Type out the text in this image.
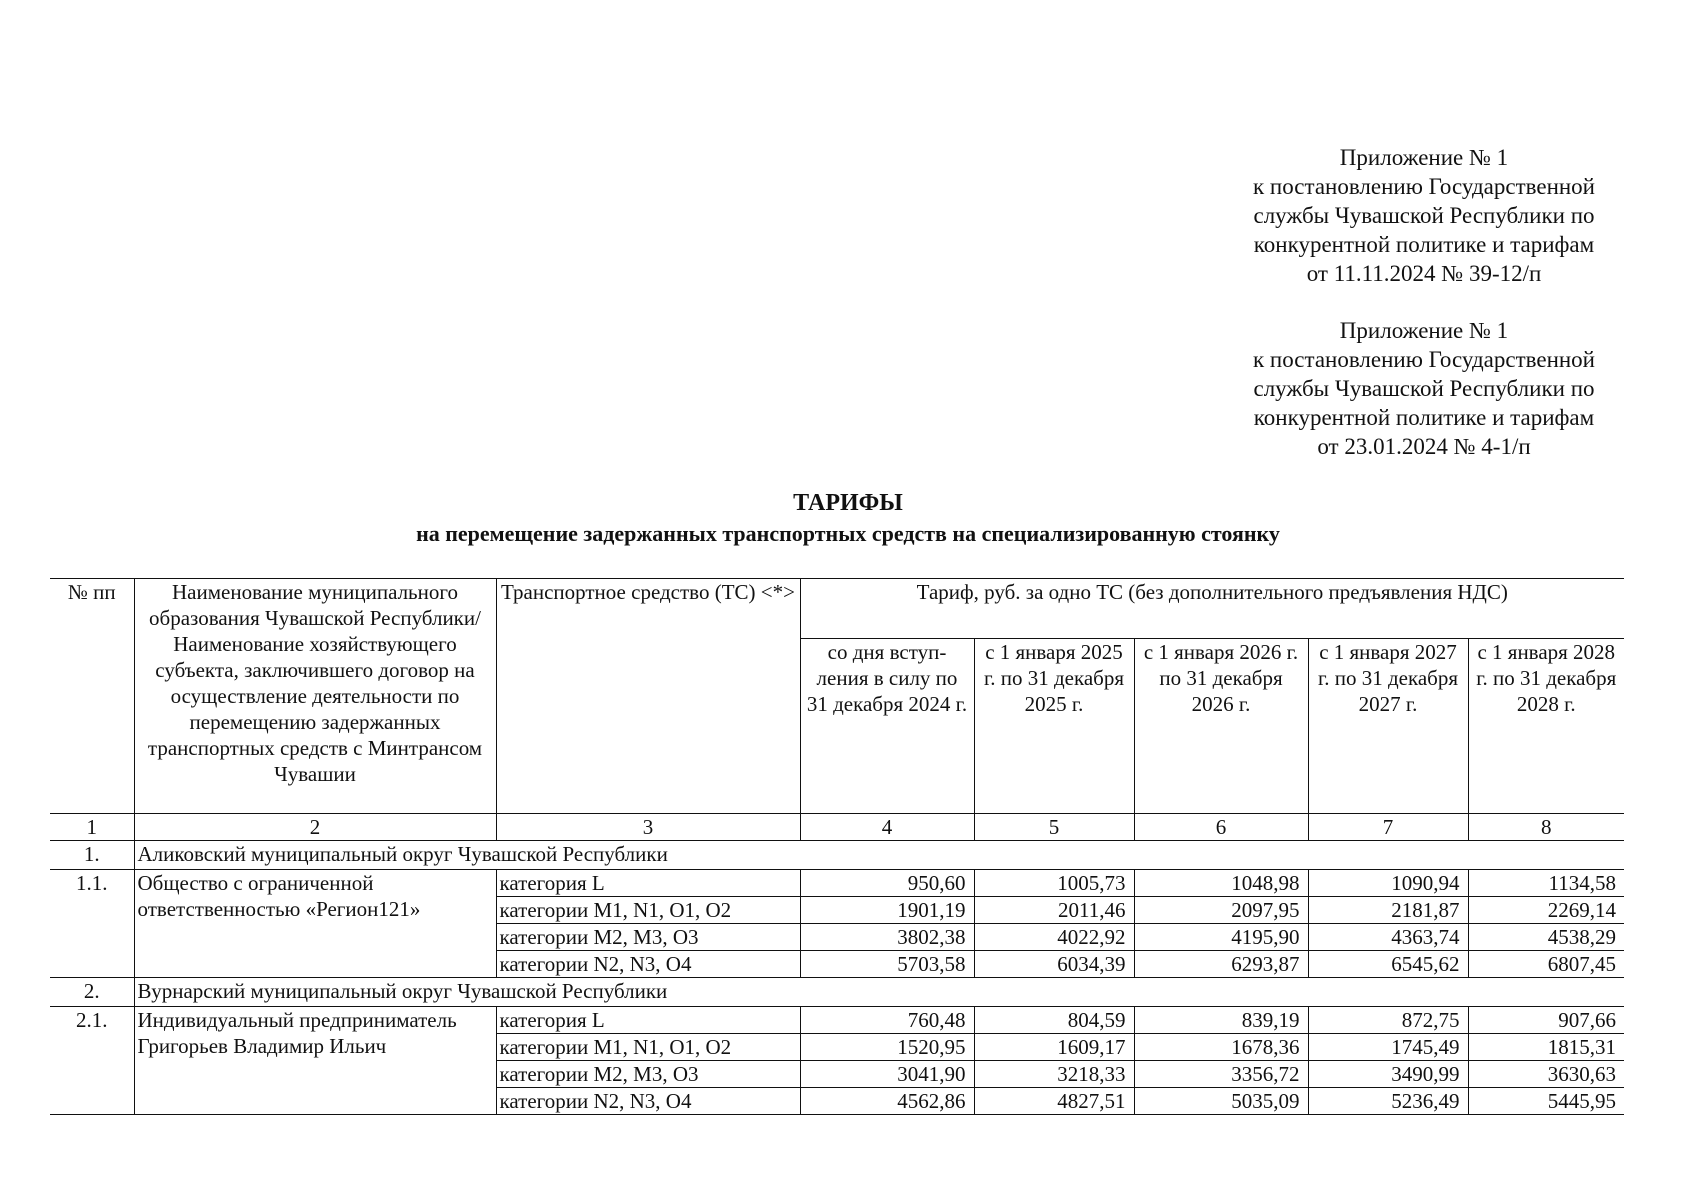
Приложение № 1
к постановлению Государственной
службы Чувашской Республики по
конкурентной политике и тарифам
от 11.11.2024 № 39-12/п
Приложение № 1
к постановлению Государственной
службы Чувашской Республики по
конкурентной политике и тарифам
от 23.01.2024 № 4-1/п
ТАРИФЫ
на перемещение задержанных транспортных средств на специализированную стоянку
№ пп	Наименование муниципального образования Чувашской Республики/ Наименование хозяйствующего субъекта, заключившего договор на осуществление деятельности по перемещению задержанных транспортных средств с Минтрансом Чувашии	Транспортное средство (ТС) <*>	Тариф, руб. за одно ТС (без дополнительного предъявления НДС)				
			со дня вступ-ления в силу по 31 декабря 2024 г.	с 1 января 2025 г. по 31 декабря 2025 г.	с 1 января 2026 г. по 31 декабря 2026 г.	с 1 января 2027 г. по 31 декабря 2027 г.	с 1 января 2028 г. по 31 декабря 2028 г.
1	2	3	4	5	6	7	8
1.	Аликовский муниципальный округ Чувашской Республики						
1.1.	Общество с ограниченной ответственностью «Регион121»	категория L	950,60	1005,73	1048,98	1090,94	1134,58
		категории М1, N1, O1, O2	1901,19	2011,46	2097,95	2181,87	2269,14
		категории М2, М3, O3	3802,38	4022,92	4195,90	4363,74	4538,29
		категории N2, N3, O4	5703,58	6034,39	6293,87	6545,62	6807,45
2.	Вурнарский муниципальный округ Чувашской Республики						
2.1.	Индивидуальный предприниматель Григорьев Владимир Ильич	категория L	760,48	804,59	839,19	872,75	907,66
		категории М1, N1, O1, O2	1520,95	1609,17	1678,36	1745,49	1815,31
		категории М2, М3, O3	3041,90	3218,33	3356,72	3490,99	3630,63
		категории N2, N3, O4	4562,86	4827,51	5035,09	5236,49	5445,95
